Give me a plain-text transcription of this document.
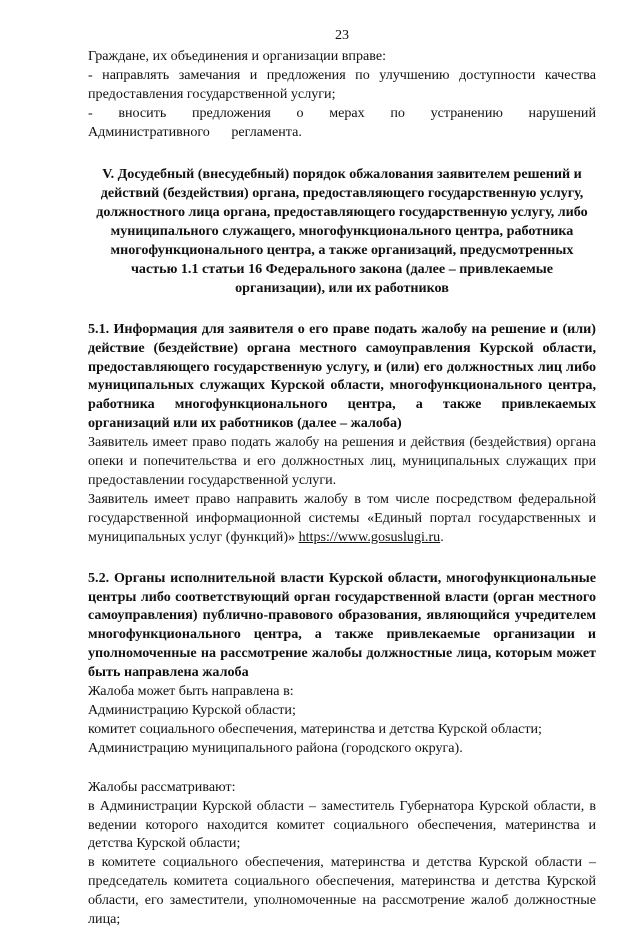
23

Граждане, их объединения и организации вправе:

- направлять замечания и предложения по улучшению доступности качества предоставления государственной услуги;

- вносить предложения о мерах по устранению нарушений Административного регламента.

V. Досудебный (внесудебный) порядок обжалования заявителем решений и действий (бездействия) органа, предоставляющего государственную услугу, должностного лица органа, предоставляющего государственную услугу, либо муниципального служащего, многофункционального центра, работника многофункционального центра, а также организаций, предусмотренных частью 1.1 статьи 16 Федерального закона (далее – привлекаемые организации), или их работников

5.1. Информация для заявителя о его праве подать жалобу на решение и (или) действие (бездействие) органа местного самоуправления Курской области, предоставляющего государственную услугу, и (или) его должностных лиц либо муниципальных служащих Курской области, многофункционального центра, работника многофункционального центра, а также привлекаемых организаций или их работников (далее – жалоба)

Заявитель имеет право подать жалобу на решения и действия (бездействия) органа опеки и попечительства и его должностных лиц, муниципальных служащих при предоставлении государственной услуги.

Заявитель имеет право направить жалобу в том числе посредством федеральной государственной информационной системы «Единый портал государственных и муниципальных услуг (функций)» https://www.gosuslugi.ru.

5.2. Органы исполнительной власти Курской области, многофункциональные центры либо соответствующий орган государственной власти (орган местного самоуправления) публично-правового образования, являющийся учредителем многофункционального центра, а также привлекаемые организации и уполномоченные на рассмотрение жалобы должностные лица, которым может быть направлена жалоба

Жалоба может быть направлена в:

Администрацию Курской области;

комитет социального обеспечения, материнства и детства Курской области;

Администрацию муниципального района (городского округа).

Жалобы рассматривают:

в Администрации Курской области – заместитель Губернатора Курской области, в ведении которого находится комитет социального обеспечения, материнства и детства Курской области;

в комитете социального обеспечения, материнства и детства Курской области – председатель комитета социального обеспечения, материнства и детства Курской области, его заместители, уполномоченные на рассмотрение жалоб должностные лица;
